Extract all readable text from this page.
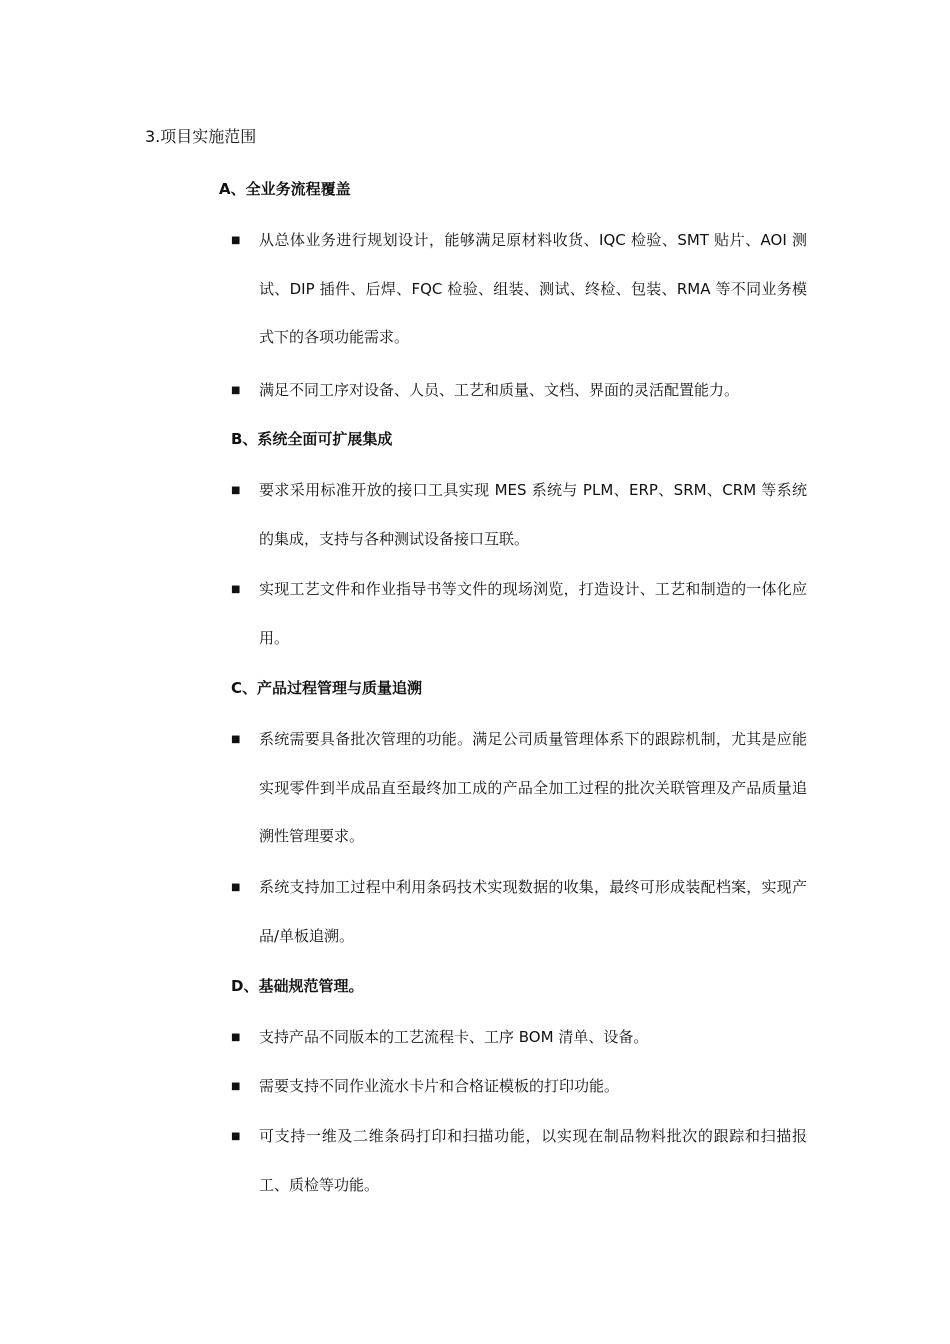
3.项目实施范围
A、全业务流程覆盖
■ 从总体业务进行规划设计，能够满足原材料收货、IQC 检验、SMT 贴片、AOI 测试、DIP 插件、后焊、FQC 检验、组装、测试、终检、包装、RMA 等不同业务模式下的各项功能需求。
■ 满足不同工序对设备、人员、工艺和质量、文档、界面的灵活配置能力。
B、系统全面可扩展集成
■ 要求采用标准开放的接口工具实现 MES 系统与 PLM、ERP、SRM、CRM 等系统的集成，支持与各种测试设备接口互联。
■ 实现工艺文件和作业指导书等文件的现场浏览，打造设计、工艺和制造的一体化应用。
C、产品过程管理与质量追溯
■ 系统需要具备批次管理的功能。满足公司质量管理体系下的跟踪机制，尤其是应能实现零件到半成品直至最终加工成的产品全加工过程的批次关联管理及产品质量追溯性管理要求。
■ 系统支持加工过程中利用条码技术实现数据的收集，最终可形成装配档案，实现产品/单板追溯。
D、基础规范管理。
■ 支持产品不同版本的工艺流程卡、工序 BOM 清单、设备。
■ 需要支持不同作业流水卡片和合格证模板的打印功能。
■ 可支持一维及二维条码打印和扫描功能，以实现在制品物料批次的跟踪和扫描报工、质检等功能。
